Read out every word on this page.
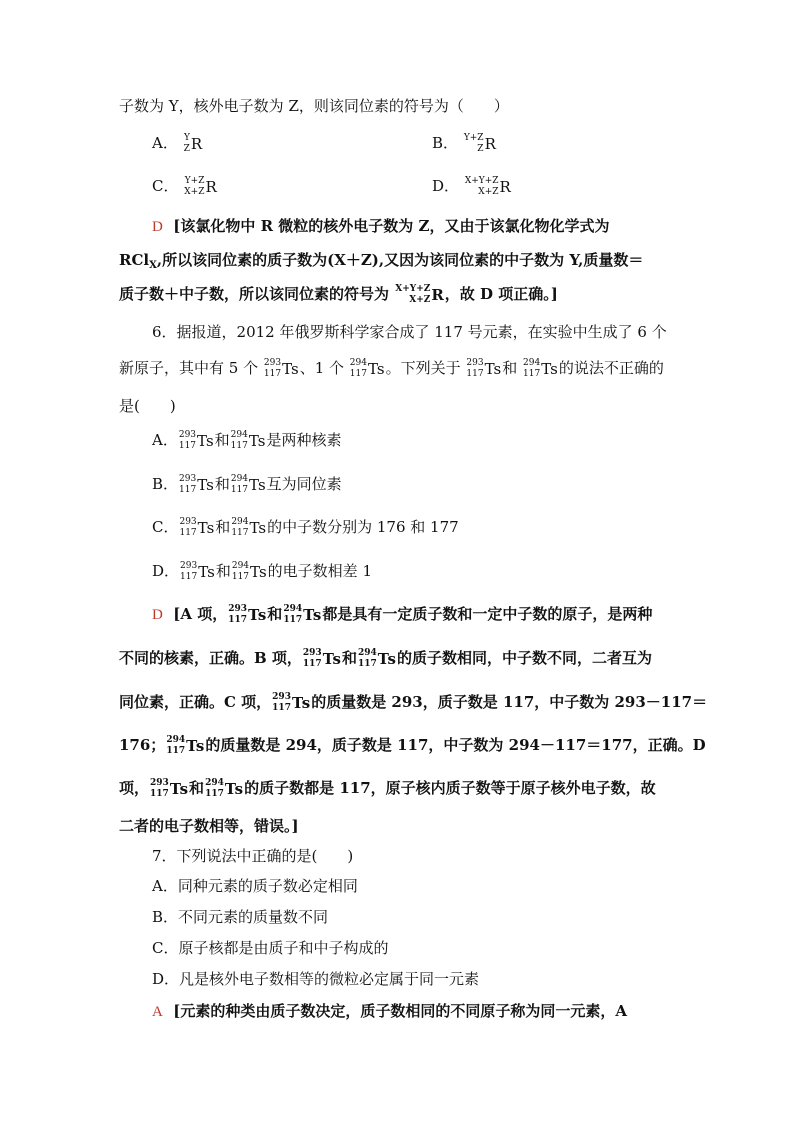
子数为 Y，核外电子数为 Z，则该同位素的符号为（　　）
A． Y
Z R	B． Y+Z
Z R
C． Y+Z
X+Z R	D． X+Y+Z
X+Z R
D [该氯化物中 R 微粒的核外电子数为 Z，又由于该氯化物化学式为
RCl$_X$,所以该同位素的质子数为(X＋Z),又因为该同位素的中子数为 Y,质量数＝
质子数＋中子数，所以该同位素的符号为 X+Y+Z
X+Z R，故 D 项正确。]
6．据报道，2012 年俄罗斯科学家合成了 117 号元素，在实验中生成了 6 个
新原子，其中有 5 个 293
117 Ts、1 个 294
117 Ts。下列关于 293
117 Ts和 294
117 Ts的说法不正确的
是(　　)
A． 293
117 Ts和 294
117 Ts是两种核素
B． 293
117 Ts和 294
117 Ts互为同位素
C． 293
117 Ts和 294
117 Ts的中子数分别为 176 和 177
D． 293
117 Ts和 294
117 Ts的电子数相差 1
D [A 项， 293
117 Ts和 294
117 Ts都是具有一定质子数和一定中子数的原子，是两种
不同的核素，正确。B 项， 293
117 Ts和 294
117 Ts的质子数相同，中子数不同，二者互为
同位素，正确。C 项， 293
117 Ts的质量数是 293，质子数是 117，中子数为 293－117＝
176； 294
117 Ts的质量数是 294，质子数是 117，中子数为 294－117＝177，正确。D
项， 293
117 Ts和 294
117 Ts的质子数都是 117，原子核内质子数等于原子核外电子数，故
二者的电子数相等，错误。]
7．下列说法中正确的是(　　)
A．同种元素的质子数必定相同
B．不同元素的质量数不同
C．原子核都是由质子和中子构成的
D．凡是核外电子数相等的微粒必定属于同一元素
A [元素的种类由质子数决定，质子数相同的不同原子称为同一元素，A
